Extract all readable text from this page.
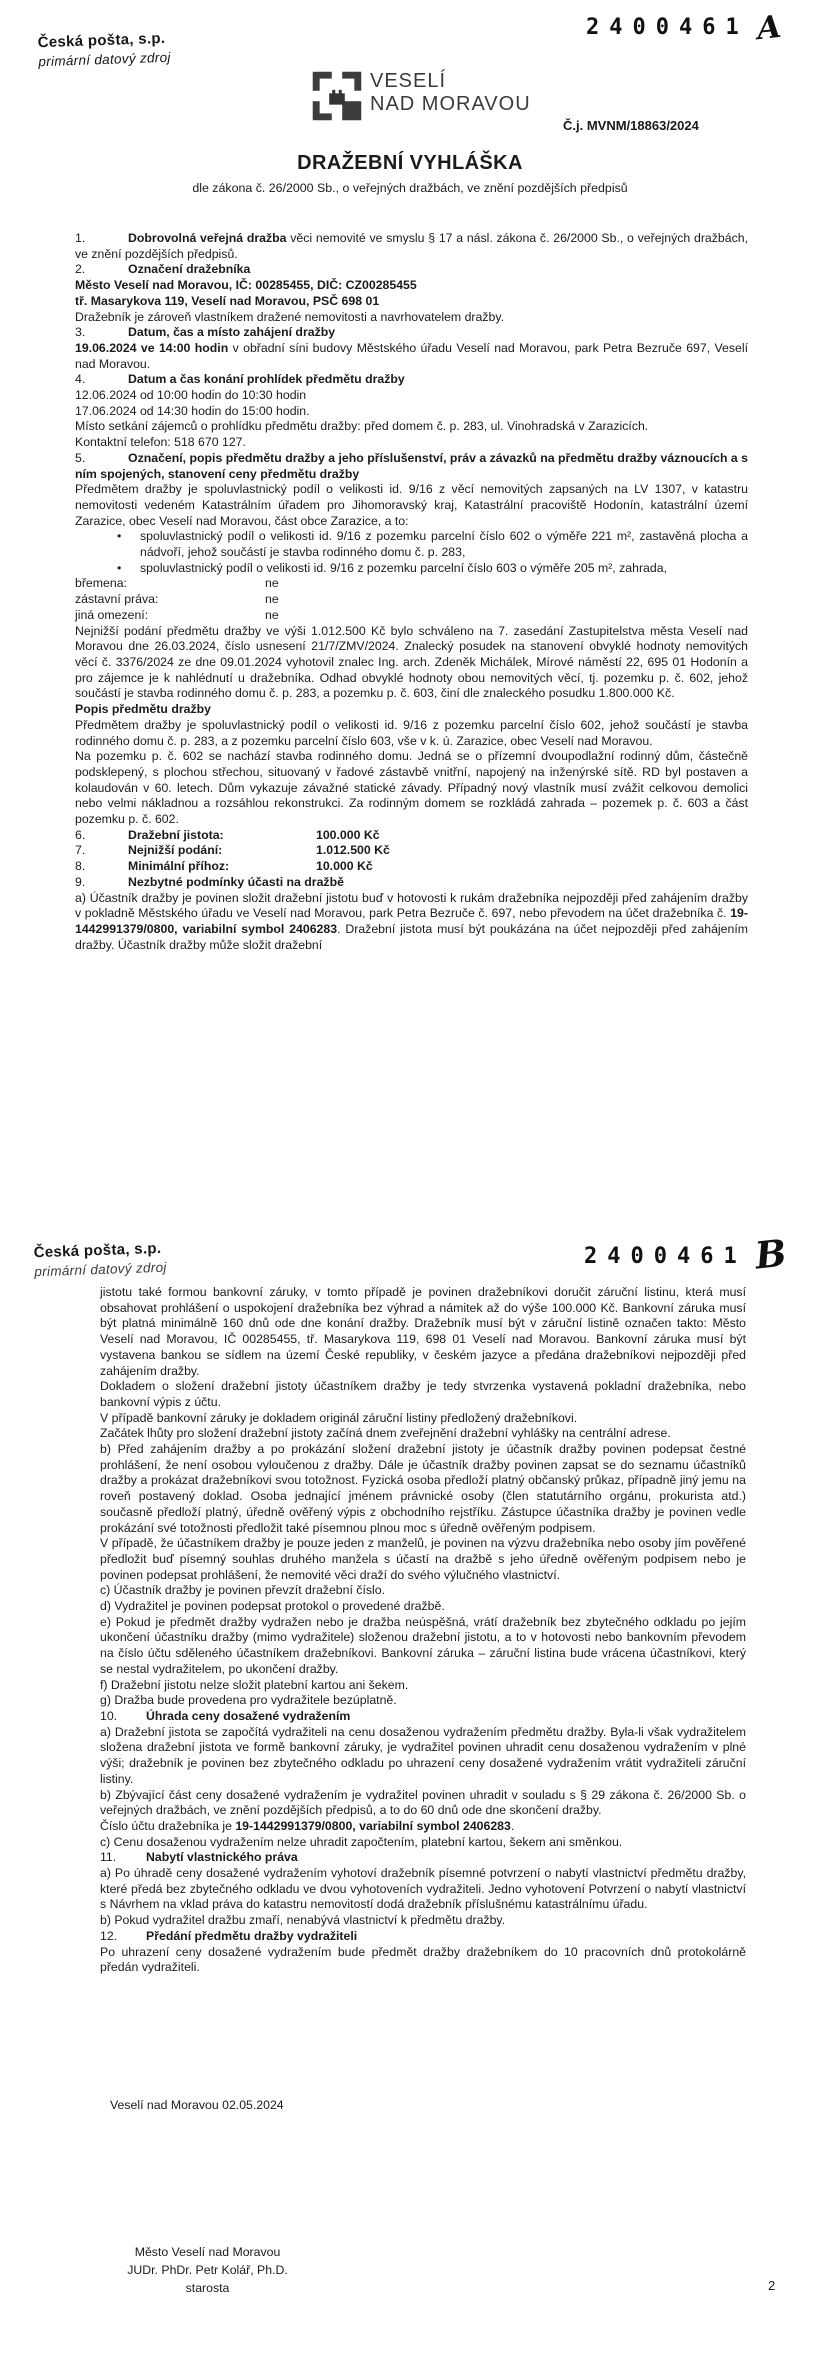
Česká pošta, s.p.
primární datový zdroj
2400461 A
VESELÍ
NAD MORAVOU
Č.j. MVNM/18863/2024
DRAŽEBNÍ VYHLÁŠKA
dle zákona č. 26/2000 Sb., o veřejných dražbách, ve znění pozdějších předpisů

1.	Dobrovolná veřejná dražba věci nemovité ve smyslu § 17 a násl. zákona č. 26/2000 Sb., o veřejných dražbách, ve znění pozdějších předpisů.

2.	Označení dražebníka

Město Veselí nad Moravou, IČ: 00285455, DIČ: CZ00285455

tř. Masarykova 119, Veselí nad Moravou, PSČ 698 01

Dražebník je zároveň vlastníkem dražené nemovitosti a navrhovatelem dražby.

3.	Datum, čas a místo zahájení dražby

19.06.2024 ve 14:00 hodin v obřadní síni budovy Městského úřadu Veselí nad Moravou, park Petra Bezruče 697, Veselí nad Moravou.

4.	Datum a čas konání prohlídek předmětu dražby

12.06.2024 od 10:00 hodin do 10:30 hodin

17.06.2024 od 14:30 hodin do 15:00 hodin.

Místo setkání zájemců o prohlídku předmětu dražby: před domem č. p. 283, ul. Vinohradská v Zarazicích.

Kontaktní telefon: 518 670 127.

5.	Označení, popis předmětu dražby a jeho příslušenství, práv a závazků na předmětu dražby váznoucích a s ním spojených, stanovení ceny předmětu dražby

Předmětem dražby je spoluvlastnický podíl o velikosti id. 9/16 z věcí nemovitých zapsaných na LV 1307, v katastru nemovitosti vedeném Katastrálním úřadem pro Jihomoravský kraj, Katastrální pracoviště Hodonín, katastrální území Zarazice, obec Veselí nad Moravou, část obce Zarazice, a to:

•
spoluvlastnický podíl o velikosti id. 9/16 z pozemku parcelní číslo 602 o výměře 221 m², zastavěná plocha a nádvoří, jehož součástí je stavba rodinného domu č. p. 283,

•
spoluvlastnický podíl o velikosti id. 9/16 z pozemku parcelní číslo 603 o výměře 205 m², zahrada,

břemena:	ne

zástavní práva:	ne

jiná omezení:	ne

Nejnižší podání předmětu dražby ve výši 1.012.500 Kč bylo schváleno na 7. zasedání Zastupitelstva města Veselí nad Moravou dne 26.03.2024, číslo usnesení 21/7/ZMV/2024. Znalecký posudek na stanovení obvyklé hodnoty nemovitých věcí č. 3376/2024 ze dne 09.01.2024 vyhotovil znalec Ing. arch. Zdeněk Michálek, Mírové náměstí 22, 695 01 Hodonín a pro zájemce je k nahlédnutí u dražebníka. Odhad obvyklé hodnoty obou nemovitých věcí, tj. pozemku p. č. 602, jehož součástí je stavba rodinného domu č. p. 283, a pozemku p. č. 603, činí dle znaleckého posudku 1.800.000 Kč.

Popis předmětu dražby

Předmětem dražby je spoluvlastnický podíl o velikosti id. 9/16 z pozemku parcelní číslo 602, jehož součástí je stavba rodinného domu č. p. 283, a z pozemku parcelní číslo 603, vše v k. ú. Zarazice, obec Veselí nad Moravou.

Na pozemku p. č. 602 se nachází stavba rodinného domu. Jedná se o přízemní dvoupodlažní rodinný dům, částečně podsklepený, s plochou střechou, situovaný v řadové zástavbě vnitřní, napojený na inženýrské sítě. RD byl postaven a kolaudován v 60. letech. Dům vykazuje závažné statické závady. Případný nový vlastník musí zvážit celkovou demolici nebo velmi nákladnou a rozsáhlou rekonstrukci. Za rodinným domem se rozkládá zahrada – pozemek p. č. 603 a část pozemku p. č. 602.

6.	Dražební jistota:	100.000 Kč

7.	Nejnižší podání:	1.012.500 Kč

8.	Minimální příhoz:	10.000 Kč

9.	Nezbytné podmínky účasti na dražbě

a) Účastník dražby je povinen složit dražební jistotu buď v hotovosti k rukám dražebníka nejpozději před zahájením dražby v pokladně Městského úřadu ve Veselí nad Moravou, park Petra Bezruče č. 697, nebo převodem na účet dražebníka č. 19-1442991379/0800, variabilní symbol 2406283. Dražební jistota musí být poukázána na účet nejpozději před zahájením dražby. Účastník dražby může složit dražební

Česká pošta, s.p.
primární datový zdroj
2400461 B

jistotu také formou bankovní záruky, v tomto případě je povinen dražebníkovi doručit záruční listinu, která musí obsahovat prohlášení o uspokojení dražebníka bez výhrad a námitek až do výše 100.000 Kč. Bankovní záruka musí být platná minimálně 160 dnů ode dne konání dražby. Dražebník musí být v záruční listině označen takto: Město Veselí nad Moravou, IČ 00285455, tř. Masarykova 119, 698 01 Veselí nad Moravou. Bankovní záruka musí být vystavena bankou se sídlem na území České republiky, v českém jazyce a předána dražebníkovi nejpozději před zahájením dražby.

Dokladem o složení dražební jistoty účastníkem dražby je tedy stvrzenka vystavená pokladní dražebníka, nebo bankovní výpis z účtu.

V případě bankovní záruky je dokladem originál záruční listiny předložený dražebníkovi.

Začátek lhůty pro složení dražební jistoty začíná dnem zveřejnění dražební vyhlášky na centrální adrese.

b) Před zahájením dražby a po prokázání složení dražební jistoty je účastník dražby povinen podepsat čestné prohlášení, že není osobou vyloučenou z dražby. Dále je účastník dražby povinen zapsat se do seznamu účastníků dražby a prokázat dražebníkovi svou totožnost. Fyzická osoba předloží platný občanský průkaz, případně jiný jemu na roveň postavený doklad. Osoba jednající jménem právnické osoby (člen statutárního orgánu, prokurista atd.) současně předloží platný, úředně ověřený výpis z obchodního rejstříku. Zástupce účastníka dražby je povinen vedle prokázání své totožnosti předložit také písemnou plnou moc s úředně ověřeným podpisem.

V případě, že účastníkem dražby je pouze jeden z manželů, je povinen na výzvu dražebníka nebo osoby jím pověřené předložit buď písemný souhlas druhého manžela s účastí na dražbě s jeho úředně ověřeným podpisem nebo je povinen podepsat prohlášení, že nemovité věci draží do svého výlučného vlastnictví.

c) Účastník dražby je povinen převzít dražební číslo.

d) Vydražitel je povinen podepsat protokol o provedené dražbě.

e) Pokud je předmět dražby vydražen nebo je dražba neúspěšná, vrátí dražebník bez zbytečného odkladu po jejím ukončení účastníku dražby (mimo vydražitele) složenou dražební jistotu, a to v hotovosti nebo bankovním převodem na číslo účtu sděleného účastníkem dražebníkovi. Bankovní záruka – záruční listina bude vrácena účastníkovi, který se nestal vydražitelem, po ukončení dražby.

f) Dražební jistotu nelze složit platební kartou ani šekem.

g) Dražba bude provedena pro vydražitele bezúplatně.

10. Úhrada ceny dosažené vydražením

a) Dražební jistota se započítá vydražiteli na cenu dosaženou vydražením předmětu dražby. Byla-li však vydražitelem složena dražební jistota ve formě bankovní záruky, je vydražitel povinen uhradit cenu dosaženou vydražením v plné výši; dražebník je povinen bez zbytečného odkladu po uhrazení ceny dosažené vydražením vrátit vydražiteli záruční listiny.

b) Zbývající část ceny dosažené vydražením je vydražitel povinen uhradit v souladu s § 29 zákona č. 26/2000 Sb. o veřejných dražbách, ve znění pozdějších předpisů, a to do 60 dnů ode dne skončení dražby.

Číslo účtu dražebníka je 19-1442991379/0800, variabilní symbol 2406283.

c) Cenu dosaženou vydražením nelze uhradit započtením, platební kartou, šekem ani směnkou.

11. Nabytí vlastnického práva

a) Po úhradě ceny dosažené vydražením vyhotoví dražebník písemné potvrzení o nabytí vlastnictví předmětu dražby, které předá bez zbytečného odkladu ve dvou vyhotoveních vydražiteli. Jedno vyhotovení Potvrzení o nabytí vlastnictví s Návrhem na vklad práva do katastru nemovitostí dodá dražebník příslušnému katastrálnímu úřadu.

b) Pokud vydražitel dražbu zmaří, nenabývá vlastnictví k předmětu dražby.

12. Předání předmětu dražby vydražiteli

Po uhrazení ceny dosažené vydražením bude předmět dražby dražebníkem do 10 pracovních dnů protokolárně předán vydražiteli.

Veselí nad Moravou 02.05.2024
Město Veselí nad Moravou
JUDr. PhDr. Petr Kolář, Ph.D.
starosta	2
